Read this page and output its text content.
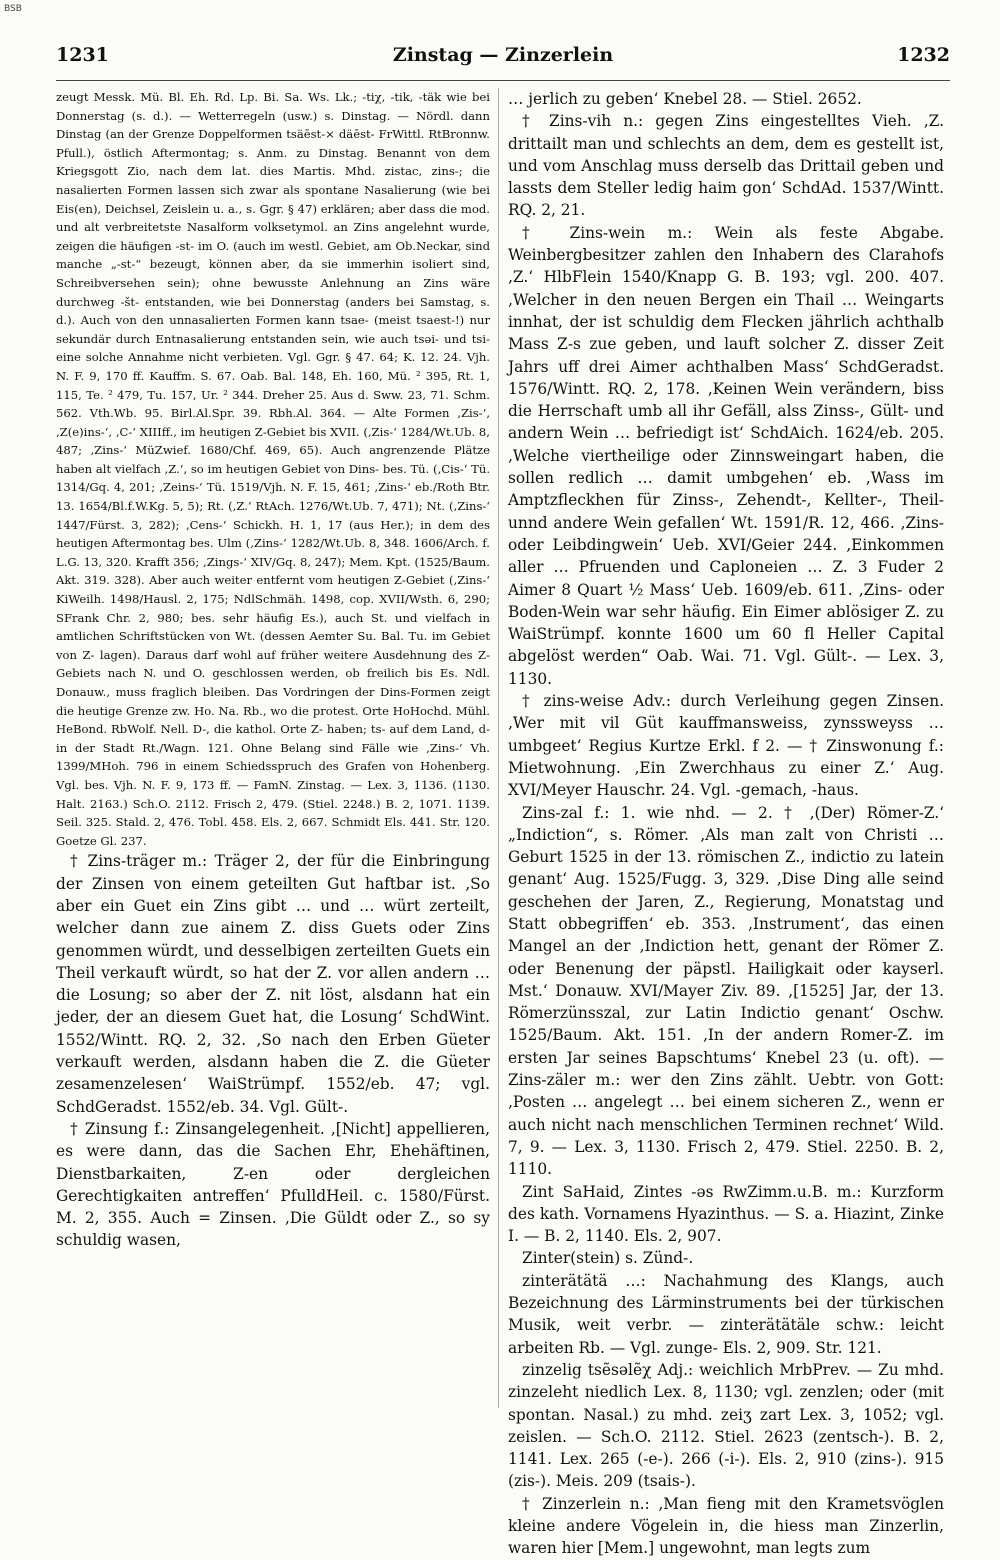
BSB
1231	Zinstag — Zinzerlein	1232

zeugt Messk. Mü. Bl. Eh. Rd. Lp. Bi. Sa. Ws. Lk.; -tiχ, -tik, -täk wie bei Donnerstag (s. d.). — Wetterregeln (usw.) s. Dinstag. — Nördl. dann Dinstag (an der Grenze Doppelformen tsäēst-× däēst- FrWittl. RtBronnw. Pfull.), östlich Aftermontag; s. Anm. zu Dinstag. Benannt von dem Kriegsgott Zio, nach dem lat. dies Martis. Mhd. zistac, zins-; die nasalierten Formen lassen sich zwar als spontane Nasalierung (wie bei Eis(en), Deichsel, Zeislein u. a., s. Ggr. § 47) erklären; aber dass die mod. und alt verbreitetste Nasalform volksetymol. an Zins angelehnt wurde, zeigen die häufigen -st- im O. (auch im westl. Gebiet, am Ob.Neckar, sind manche „-st-“ bezeugt, können aber, da sie immerhin isoliert sind, Schreibversehen sein); ohne bewusste Anlehnung an Zins wäre durchweg -št- entstanden, wie bei Donnerstag (anders bei Samstag, s. d.). Auch von den unnasalierten Formen kann tsae- (meist tsaest-!) nur sekundär durch Entnasalierung entstanden sein, wie auch tsəi- und tsi- eine solche Annahme nicht verbieten. Vgl. Ggr. § 47. 64; K. 12. 24. Vjh. N. F. 9, 170 ff. Kauffm. S. 67. Oab. Bal. 148, Eh. 160, Mü. ² 395, Rt. 1, 115, Te. ² 479, Tu. 157, Ur. ² 344. Dreher 25. Aus d. Sww. 23, 71. Schm. 562. Vth.Wb. 95. Birl.Al.Spr. 39. Rbh.Al. 364. — Alte Formen ‚Zis-‘, ‚Z(e)ins-‘, ‚C-‘ XIIIff., im heutigen Z-Gebiet bis XVII. (‚Zis-‘ 1284/Wt.Ub. 8, 487; ‚Zins-‘ MüZwief. 1680/Chf. 469, 65). Auch angrenzende Plätze haben alt vielfach ‚Z.‘, so im heutigen Gebiet von Dins- bes. Tü. (‚Cis-‘ Tü. 1314/Gq. 4, 201; ‚Zeins-‘ Tü. 1519/Vjh. N. F. 15, 461; ‚Zins-‘ eb./Roth Btr. 13. 1654/Bl.f.W.Kg. 5, 5); Rt. (‚Z.‘ RtAch. 1276/Wt.Ub. 7, 471); Nt. (‚Zins-‘ 1447/Fürst. 3, 282); ‚Cens-‘ Schickh. H. 1, 17 (aus Her.); in dem des heutigen Aftermontag bes. Ulm (‚Zins-‘ 1282/Wt.Ub. 8, 348. 1606/Arch. f. L.G. 13, 320. Krafft 356; ‚Zings-‘ XIV/Gq. 8, 247); Mem. Kpt. (1525/Baum. Akt. 319. 328). Aber auch weiter entfernt vom heutigen Z-Gebiet (‚Zins-‘ KiWeilh. 1498/Hausl. 2, 175; NdlSchmäh. 1498, cop. XVII/Wsth. 6, 290; SFrank Chr. 2, 980; bes. sehr häufig Es.), auch St. und vielfach in amtlichen Schriftstücken von Wt. (dessen Aemter Su. Bal. Tu. im Gebiet von Z- lagen). Daraus darf wohl auf früher weitere Ausdehnung des Z-Gebiets nach N. und O. geschlossen werden, ob freilich bis Es. Ndl. Donauw., muss fraglich bleiben. Das Vordringen der Dins-Formen zeigt die heutige Grenze zw. Ho. Na. Rb., wo die protest. Orte HoHochd. Mühl. HeBond. RbWolf. Nell. D-, die kathol. Orte Z- haben; ts- auf dem Land, d- in der Stadt Rt./Wagn. 121. Ohne Belang sind Fälle wie ‚Zins-‘ Vh. 1399/MHoh. 796 in einem Schiedsspruch des Grafen von Hohenberg. Vgl. bes. Vjh. N. F. 9, 173 ff. — FamN. Zinstag. — Lex. 3, 1136. (1130. Halt. 2163.) Sch.O. 2112. Frisch 2, 479. (Stiel. 2248.) B. 2, 1071. 1139. Seil. 325. Stald. 2, 476. Tobl. 458. Els. 2, 667. Schmidt Els. 441. Str. 120. Goetze Gl. 237.

† Zins-träger m.: Träger 2, der für die Einbringung der Zinsen von einem geteilten Gut haftbar ist. ‚So aber ein Guet ein Zins gibt … und … würt zerteilt, welcher dann zue ainem Z. diss Guets oder Zins genommen würdt, und desselbigen zerteilten Guets ein Theil verkauft würdt, so hat der Z. vor allen andern … die Losung; so aber der Z. nit löst, alsdann hat ein jeder, der an diesem Guet hat, die Losung‘ SchdWint. 1552/Wintt. RQ. 2, 32. ‚So nach den Erben Güeter verkauft werden, alsdann haben die Z. die Güeter zesamenzelesen‘ WaiStrümpf. 1552/eb. 47; vgl. SchdGeradst. 1552/eb. 34. Vgl. Gült-.

† Zinsung f.: Zinsangelegenheit. ‚[Nicht] appellieren, es were dann, das die Sachen Ehr, Ehehäftinen, Dienstbarkaiten, Z-en oder dergleichen Gerechtigkaiten antreffen‘ PfulldHeil. c. 1580/Fürst. M. 2, 355. Auch = Zinsen. ‚Die Güldt oder Z., so sy schuldig wasen,

… jerlich zu geben‘ Knebel 28. — Stiel. 2652.

† Zins-vih n.: gegen Zins eingestelltes Vieh. ‚Z. drittailt man und schlechts an dem, dem es gestellt ist, und vom Anschlag muss derselb das Drittail geben und lassts dem Steller ledig haim gon‘ SchdAd. 1537/Wintt. RQ. 2, 21.

† Zins-wein m.: Wein als feste Abgabe. Weinbergbesitzer zahlen den Inhabern des Clarahofs ‚Z.‘ HlbFlein 1540/Knapp G. B. 193; vgl. 200. 407. ‚Welcher in den neuen Bergen ein Thail … Weingarts innhat, der ist schuldig dem Flecken jährlich achthalb Mass Z-s zue geben, und lauft solcher Z. disser Zeit Jahrs uff drei Aimer achthalben Mass‘ SchdGeradst. 1576/Wintt. RQ. 2, 178. ‚Keinen Wein verändern, biss die Herrschaft umb all ihr Gefäll, alss Zinss-, Gült- und andern Wein … befriedigt ist‘ SchdAich. 1624/eb. 205. ‚Welche viertheilige oder Zinnsweingart haben, die sollen redlich … damit umbgehen‘ eb. ‚Wass im Amptzfleckhen für Zinss-, Zehendt-, Kellter-, Theil- unnd andere Wein gefallen‘ Wt. 1591/R. 12, 466. ‚Zins- oder Leibdingwein‘ Ueb. XVI/Geier 244. ‚Einkommen aller … Pfruenden und Caploneien … Z. 3 Fuder 2 Aimer 8 Quart ½ Mass‘ Ueb. 1609/eb. 611. ‚Zins- oder Boden-Wein war sehr häufig. Ein Eimer ablösiger Z. zu WaiStrümpf. konnte 1600 um 60 fl Heller Capital abgelöst werden“ Oab. Wai. 71. Vgl. Gült-. — Lex. 3, 1130.

† zins-weise Adv.: durch Verleihung gegen Zinsen. ‚Wer mit vil Güt kauffmansweiss, zynssweyss … umbgeet‘ Regius Kurtze Erkl. f 2. — † Zinswonung f.: Mietwohnung. ‚Ein Zwerchhaus zu einer Z.‘ Aug. XVI/Meyer Hauschr. 24. Vgl. -gemach, -haus.

Zins-zal f.: 1. wie nhd. — 2. † ‚(Der) Römer-Z.‘ „Indiction“, s. Römer. ‚Als man zalt von Christi … Geburt 1525 in der 13. römischen Z., indictio zu latein genant‘ Aug. 1525/Fugg. 3, 329. ‚Dise Ding alle seind geschehen der Jaren, Z., Regierung, Monatstag und Statt obbegriffen‘ eb. 353. ‚Instrument‘, das einen Mangel an der ‚Indiction hett, genant der Römer Z. oder Benenung der päpstl. Hailigkait oder kayserl. Mst.‘ Donauw. XVI/Mayer Ziv. 89. ‚[1525] Jar, der 13. Römerzünsszal, zur Latin Indictio genant‘ Oschw. 1525/Baum. Akt. 151. ‚In der andern Romer-Z. im ersten Jar seines Bapschtums‘ Knebel 23 (u. oft). — Zins-zäler m.: wer den Zins zählt. Uebtr. von Gott: ‚Posten … angelegt … bei einem sicheren Z., wenn er auch nicht nach menschlichen Terminen rechnet‘ Wild. 7, 9. — Lex. 3, 1130. Frisch 2, 479. Stiel. 2250. B. 2, 1110.

Zint SaHaid, Zintes -əs RwZimm.u.B. m.: Kurzform des kath. Vornamens Hyazinthus. — S. a. Hiazint, Zinke I. — B. 2, 1140. Els. 2, 907.

Zinter(stein) s. Zünd-.

zinterätätä …: Nachahmung des Klangs, auch Bezeichnung des Lärminstruments bei der türkischen Musik, weit verbr. — zinterätätäle schw.: leicht arbeiten Rb. — Vgl. zunge- Els. 2, 909. Str. 121.

zinzelig tsẽsəlẽχ Adj.: weichlich MrbPrev. — Zu mhd. zinzeleht niedlich Lex. 8, 1130; vgl. zenzlen; oder (mit spontan. Nasal.) zu mhd. zeiʒ zart Lex. 3, 1052; vgl. zeislen. — Sch.O. 2112. Stiel. 2623 (zentsch-). B. 2, 1141. Lex. 265 (-e-). 266 (-i-). Els. 2, 910 (zins-). 915 (zis-). Meis. 209 (tsais-).

† Zinzerlein n.: ‚Man fieng mit den Krametsvöglen kleine andere Vögelein in, die hiess man Zinzerlin, waren hier [Mem.] ungewohnt, man legts zum
